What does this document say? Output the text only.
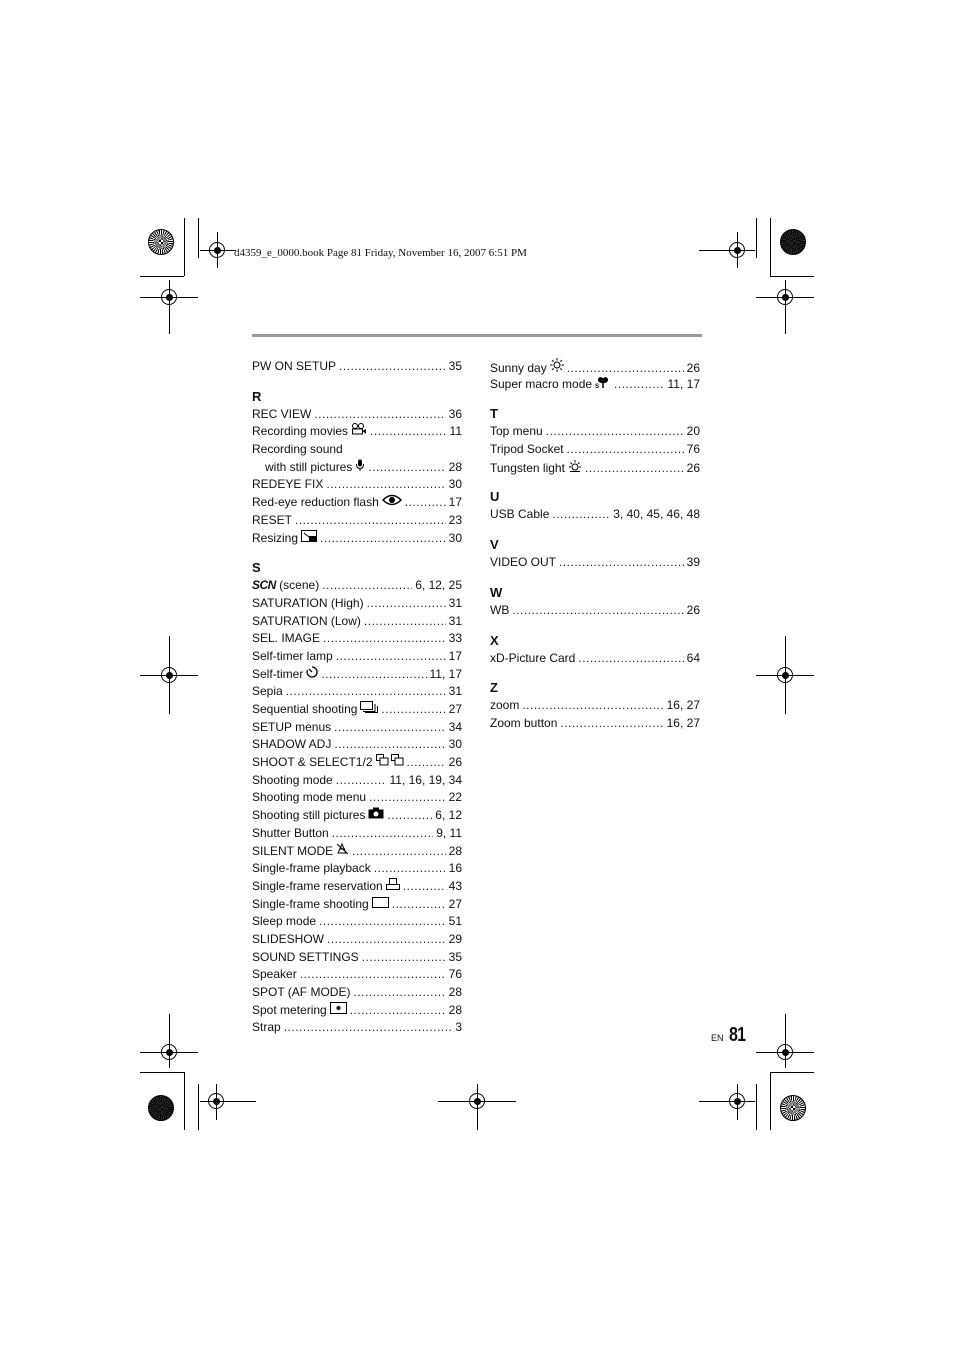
d4359_e_0000.book Page 81 Friday, November 16, 2007 6:51 PM
PW ON SETUP .....	35
R
REC VIEW .....	36
Recording movies .....	11
Recording sound
with still pictures .....	28
REDEYE FIX .....	30
Red-eye reduction flash .....	17
RESET .....	23
Resizing .....	30
S
SCN (scene) .....	6, 12, 25
SATURATION (High) .....	31
SATURATION (Low) .....	31
SEL. IMAGE .....	33
Self-timer lamp .....	17
Self-timer .....	11, 17
Sepia .....	31
Sequential shooting .....	27
SETUP menus .....	34
SHADOW ADJ .....	30
SHOOT & SELECT1/2 .....	26
Shooting mode .....	11, 16, 19, 34
Shooting mode menu .....	22
Shooting still pictures .....	6, 12
Shutter Button .....	9, 11
SILENT MODE .....	28
Single-frame playback .....	16
Single-frame reservation .....	43
Single-frame shooting .....	27
Sleep mode .....	51
SLIDESHOW .....	29
SOUND SETTINGS .....	35
Speaker .....	76
SPOT (AF MODE) .....	28
Spot metering .....	28
Strap .....	3
Sunny day .....	26
Super macro mode S .....	11, 17
T
Top menu .....	20
Tripod Socket .....	76
Tungsten light .....	26
U
USB Cable .....	3, 40, 45, 46, 48
V
VIDEO OUT .....	39
W
WB .....	26
X
xD-Picture Card .....	64
Z
zoom .....	16, 27
Zoom button .....	16, 27
EN 81
